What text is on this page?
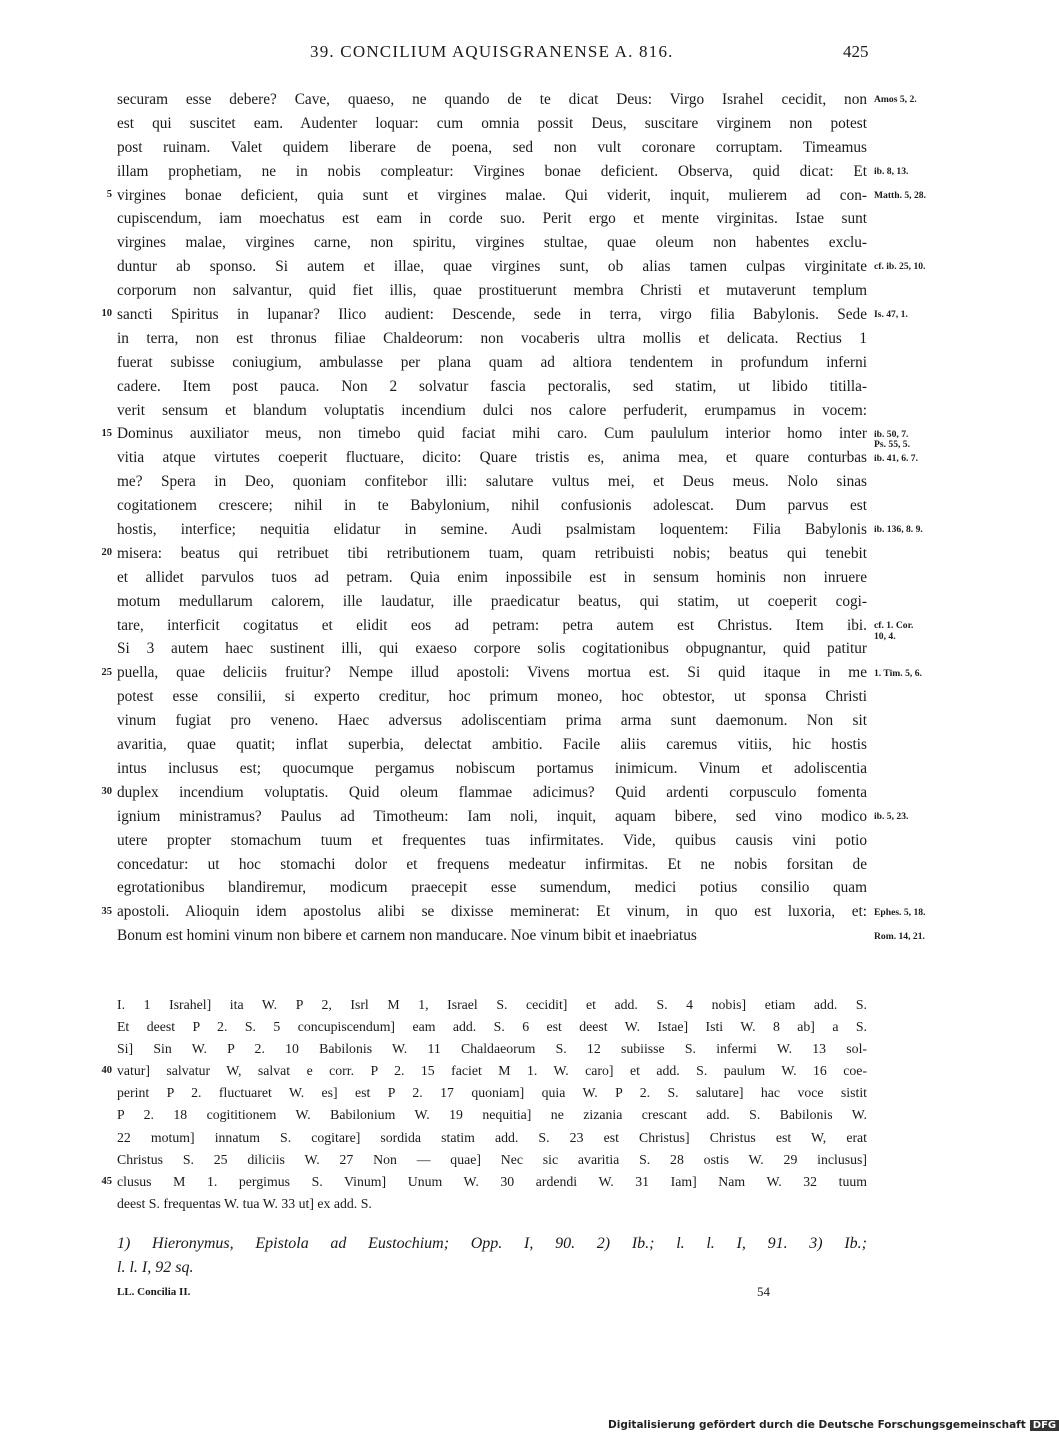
39. CONCILIUM AQUISGRANENSE A. 816.	425
securam esse debere? Cave, quaeso, ne quando de te dicat Deus: Virgo Israhel cecidit, non
est qui suscitet eam. Audenter loquar: cum omnia possit Deus, suscitare virginem non potest
post ruinam. Valet quidem liberare de poena, sed non vult coronare corruptam. Timeamus
illam prophetiam, ne in nobis compleatur: Virgines bonae deficient. Observa, quid dicat: Et
virgines bonae deficient, quia sunt et virgines malae. Qui viderit, inquit, mulierem ad con-
cupiscendum, iam moechatus est eam in corde suo. Perit ergo et mente virginitas. Istae sunt
virgines malae, virgines carne, non spiritu, virgines stultae, quae oleum non habentes exclu-
duntur ab sponso. Si autem et illae, quae virgines sunt, ob alias tamen culpas virginitate
corporum non salvantur, quid fiet illis, quae prostituerunt membra Christi et mutaverunt templum
sancti Spiritus in lupanar? Ilico audient: Descende, sede in terra, virgo filia Babylonis. Sede
in terra, non est thronus filiae Chaldeorum: non vocaberis ultra mollis et delicata. Rectius 1
fuerat subisse coniugium, ambulasse per plana quam ad altiora tendentem in profundum inferni
cadere. Item post pauca. Non 2 solvatur fascia pectoralis, sed statim, ut libido titilla-
verit sensum et blandum voluptatis incendium dulci nos calore perfuderit, erumpamus in vocem:
Dominus auxiliator meus, non timebo quid faciat mihi caro. Cum paululum interior homo inter
vitia atque virtutes coeperit fluctuare, dicito: Quare tristis es, anima mea, et quare conturbas
me? Spera in Deo, quoniam confitebor illi: salutare vultus mei, et Deus meus. Nolo sinas
cogitationem crescere; nihil in te Babylonium, nihil confusionis adolescat. Dum parvus est
hostis, interfice; nequitia elidatur in semine. Audi psalmistam loquentem: Filia Babylonis
misera: beatus qui retribuet tibi retributionem tuam, quam retribuisti nobis; beatus qui tenebit
et allidet parvulos tuos ad petram. Quia enim inpossibile est in sensum hominis non inruere
motum medullarum calorem, ille laudatur, ille praedicatur beatus, qui statim, ut coeperit cogi-
tare, interficit cogitatus et elidit eos ad petram: petra autem est Christus. Item ibi.
Si 3 autem haec sustinent illi, qui exaeso corpore solis cogitationibus obpugnantur, quid patitur
puella, quae deliciis fruitur? Nempe illud apostoli: Vivens mortua est. Si quid itaque in me
potest esse consilii, si experto creditur, hoc primum moneo, hoc obtestor, ut sponsa Christi
vinum fugiat pro veneno. Haec adversus adoliscentiam prima arma sunt daemonum. Non sit
avaritia, quae quatit; inflat superbia, delectat ambitio. Facile aliis caremus vitiis, hic hostis
intus inclusus est; quocumque pergamus nobiscum portamus inimicum. Vinum et adoliscentia
duplex incendium voluptatis. Quid oleum flammae adicimus? Quid ardenti corpusculo fomenta
ignium ministramus? Paulus ad Timotheum: Iam noli, inquit, aquam bibere, sed vino modico
utere propter stomachum tuum et frequentes tuas infirmitates. Vide, quibus causis vini potio
concedatur: ut hoc stomachi dolor et frequens medeatur infirmitas. Et ne nobis forsitan de
egrotationibus blandiremur, modicum praecepit esse sumendum, medici potius consilio quam
apostoli. Alioquin idem apostolus alibi se dixisse meminerat: Et vinum, in quo est luxoria, et:
Bonum est homini vinum non bibere et carnem non manducare. Noe vinum bibit et inaebriatus
5
10
15
20
25
30
35
Amos 5, 2.
ib. 8, 13.
Matth. 5, 28.
cf. ib. 25, 10.
Is. 47, 1.
ib. 50, 7.
Ps. 55, 5.
ib. 41, 6. 7.
ib. 136, 8. 9.
cf. 1. Cor.
10, 4.
1. Tim. 5, 6.
ib. 5, 23.
Ephes. 5, 18.
Rom. 14, 21.
I. 1 Israhel] ita W. P 2, Isrl M 1, Israel S. cecidit] et add. S. 4 nobis] etiam add. S.
Et deest P 2. S. 5 concupiscendum] eam add. S. 6 est deest W. Istae] Isti W. 8 ab] a S.
Si] Sin W. P 2. 10 Babilonis W. 11 Chaldaeorum S. 12 subiisse S. infermi W. 13 sol-
vatur] salvatur W, salvat e corr. P 2. 15 faciet M 1. W. caro] et add. S. paulum W. 16 coe-
perint P 2. fluctuaret W. es] est P 2. 17 quoniam] quia W. P 2. S. salutare] hac voce sistit
P 2. 18 cogititionem W. Babilonium W. 19 nequitia] ne zizania crescant add. S. Babilonis W.
22 motum] innatum S. cogitare] sordida statim add. S. 23 est Christus] Christus est W, erat
Christus S. 25 diliciis W. 27 Non — quae] Nec sic avaritia S. 28 ostis W. 29 inclusus]
clusus M 1. pergimus S. Vinum] Unum W. 30 ardendi W. 31 Iam] Nam W. 32 tuum
deest S. frequentas W. tua W. 33 ut] ex add. S.
40
45
1) Hieronymus, Epistola ad Eustochium; Opp. I, 90. 2) Ib.; l. l. I, 91. 3) Ib.;
l. l. I, 92 sq.
LL. Concilia II.	54
Digitalisierung gefördert durch die Deutsche Forschungsgemeinschaft DFG
